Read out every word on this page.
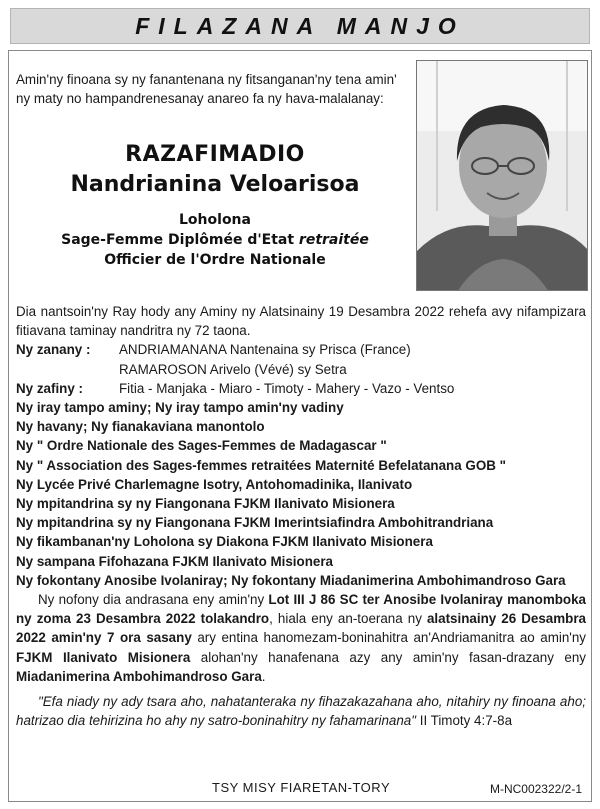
FILAZANA MANJO
Amin'ny finoana sy ny fanantenana ny fitsanganan'ny tena amin' ny maty no hampandrenesanay anareo fa ny hava-malalanay:
RAZAFIMADIO
Nandrianina Veloarisoa
Loholona
Sage-Femme Diplômée d'Etat retraitée
Officier de l'Ordre Nationale

Dia nantsoin'ny Ray hody any Aminy ny Alatsinainy 19 Desambra 2022 rehefa avy nifampizara fitiavana taminay nandritra ny 72 taona.

Ny zanany :	ANDRIAMANANA Nantenaina sy Prisca (France)
RAMAROSON Arivelo (Vévé) sy Setra
Ny zafiny :	Fitia - Manjaka - Miaro - Timoty - Mahery - Vazo - Ventso

Ny iray tampo aminy; Ny iray tampo amin'ny vadiny

Ny havany; Ny fianakaviana manontolo

Ny " Ordre Nationale des Sages-Femmes de Madagascar "

Ny " Association des Sages-femmes retraitées Maternité Befelatanana GOB "

Ny Lycée Privé Charlemagne Isotry, Antohomadinika, Ilanivato

Ny mpitandrina sy ny Fiangonana FJKM Ilanivato Misionera

Ny mpitandrina sy ny Fiangonana FJKM Imerintsiafindra Ambohitrandriana

Ny fikambanan'ny Loholona sy Diakona FJKM Ilanivato Misionera

Ny sampana Fifohazana FJKM Ilanivato Misionera

Ny fokontany Anosibe Ivolaniray; Ny fokontany Miadanimerina Ambohimandroso Gara

Ny nofony dia andrasana eny amin'ny Lot III J 86 SC ter Anosibe Ivolaniray manomboka ny zoma 23 Desambra 2022 tolakandro, hiala eny an-toerana ny alatsinainy 26 Desambra 2022 amin'ny 7 ora sasany ary entina hanomezam-boninahitra an'Andriamanitra ao amin'ny FJKM Ilanivato Misionera alohan'ny hanafenana azy any amin'ny fasan-drazany eny Miadanimerina Ambohimandroso Gara.

"Efa niady ny ady tsara aho, nahatanteraka ny fihazakazahana aho, nitahiry ny finoana aho; hatrizao dia tehirizina ho ahy ny satro-boninahitry ny fahamarinana" II Timoty 4:7-8a

TSY MISY FIARETAN-TORY	M-NC002322/2-1
